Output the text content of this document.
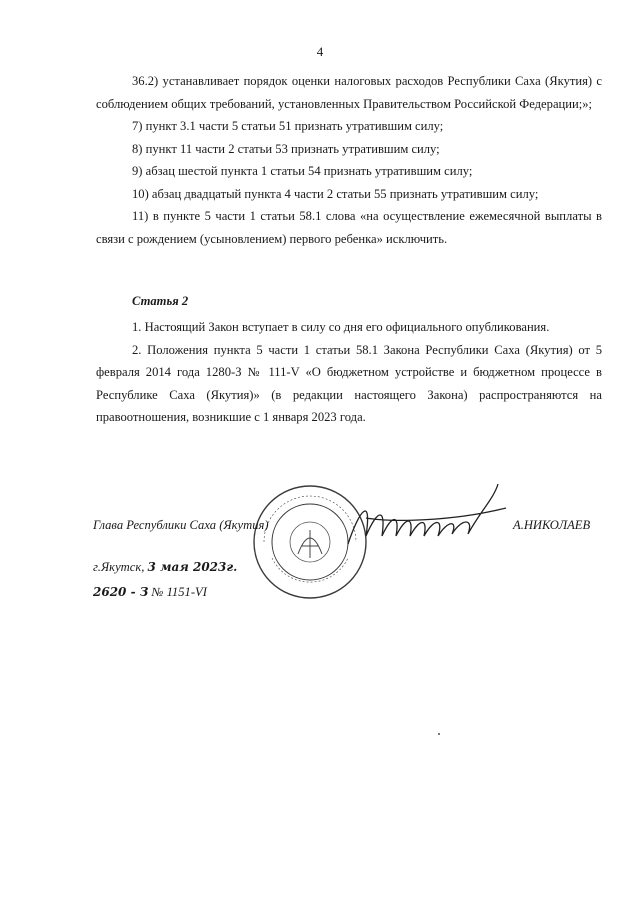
4

36.2) устанавливает порядок оценки налоговых расходов Республики Саха (Якутия) с соблюдением общих требований, установленных Правительством Российской Федерации;»;

7) пункт 3.1 части 5 статьи 51 признать утратившим силу;

8) пункт 11 части 2 статьи 53 признать утратившим силу;

9) абзац шестой пункта 1 статьи 54 признать утратившим силу;

10) абзац двадцатый пункта 4 части 2 статьи 55 признать утратившим силу;

11) в пункте 5 части 1 статьи 58.1 слова «на осуществление ежемесячной выплаты в связи с рождением (усыновлением) первого ребенка» исключить.

Статья 2

1. Настоящий Закон вступает в силу со дня его официального опубликования.

2. Положения пункта 5 части 1 статьи 58.1 Закона Республики Саха (Якутия) от 5 февраля 2014 года 1280-З № 111-V «О бюджетном устройстве и бюджетном процессе в Республике Саха (Якутия)» (в редакции настоящего Закона) распространяются на правоотношения, возникшие с 1 января 2023 года.

Глава Республики Саха (Якутия)	А.НИКОЛАЕВ
г.Якутск, 3 мая 2023г.
2620 - З № 1151-VI
